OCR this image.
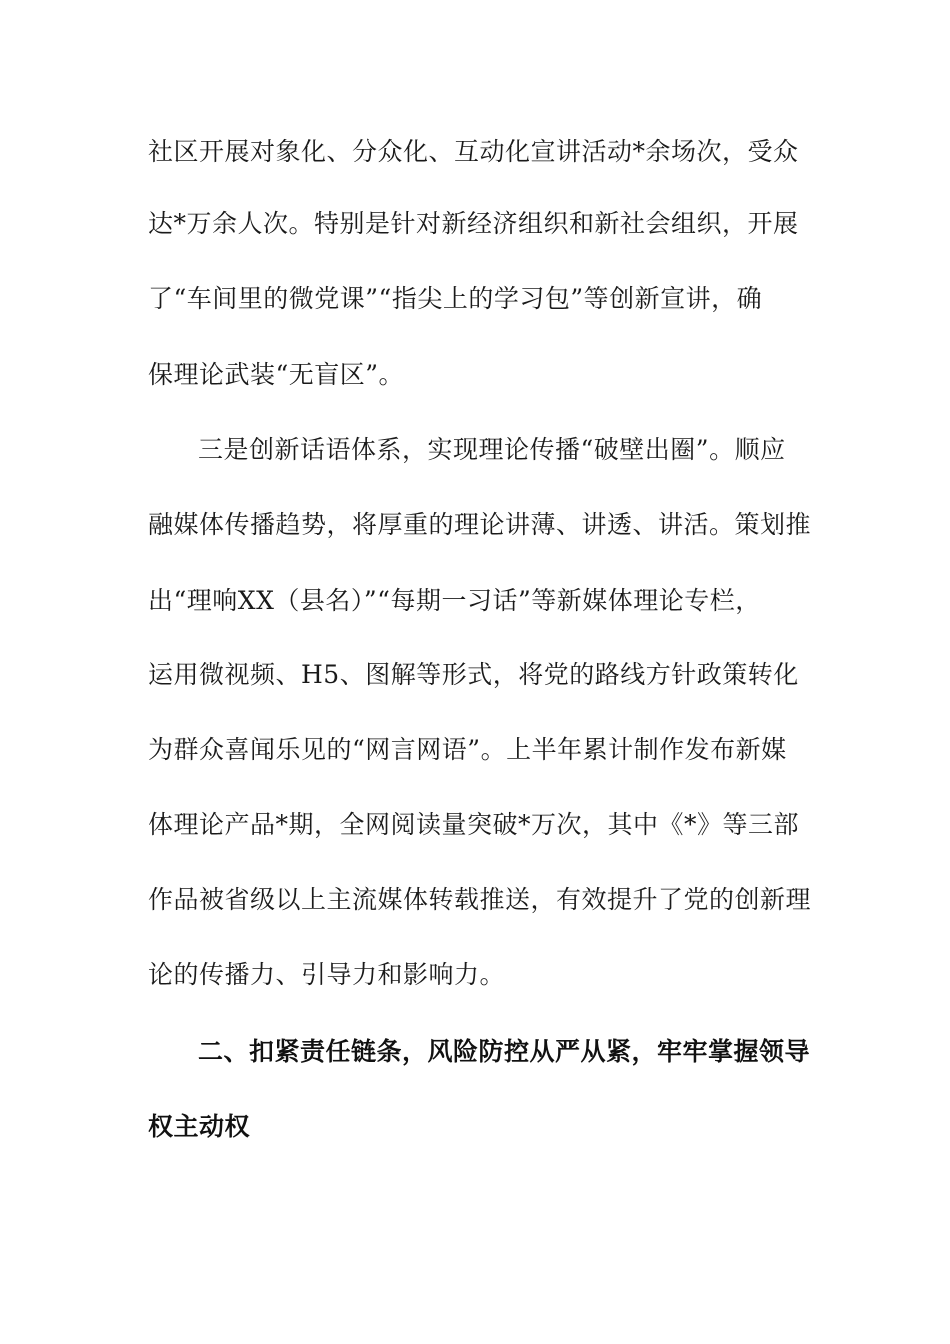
社区开展对象化、分众化、互动化宣讲活动*余场次，受众
达*万余人次。特别是针对新经济组织和新社会组织，开展
了“车间里的微党课”“指尖上的学习包”等创新宣讲，确
保理论武装“无盲区”。
三是创新话语体系，实现理论传播“破壁出圈”。顺应
融媒体传播趋势，将厚重的理论讲薄、讲透、讲活。策划推
出“理响XX（县名）”“每期一习话”等新媒体理论专栏，
运用微视频、H5、图解等形式，将党的路线方针政策转化
为群众喜闻乐见的“网言网语”。上半年累计制作发布新媒
体理论产品*期，全网阅读量突破*万次，其中《*》等三部
作品被省级以上主流媒体转载推送，有效提升了党的创新理
论的传播力、引导力和影响力。
二、扣紧责任链条，风险防控从严从紧，牢牢掌握领导
权主动权
